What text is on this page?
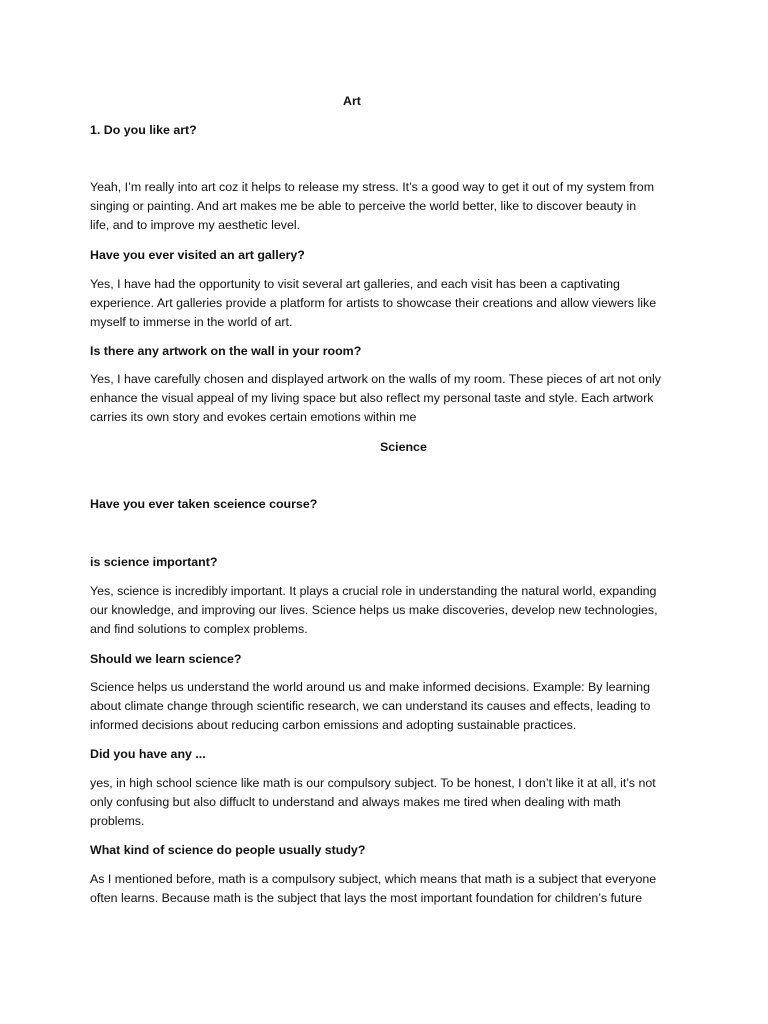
Art

1. Do you like art?

Yeah, I’m really into art coz it helps to release my stress. It’s a good way to get it out of my system from
singing or painting. And art makes me be able to perceive the world better, like to discover beauty in
life, and to improve my aesthetic level.

Have you ever visited an art gallery?

Yes, I have had the opportunity to visit several art galleries, and each visit has been a captivating
experience. Art galleries provide a platform for artists to showcase their creations and allow viewers like
myself to immerse in the world of art.

Is there any artwork on the wall in your room?

Yes, I have carefully chosen and displayed artwork on the walls of my room. These pieces of art not only
enhance the visual appeal of my living space but also reflect my personal taste and style. Each artwork
carries its own story and evokes certain emotions within me

Science

Have you ever taken sceience course?

is science important?

Yes, science is incredibly important. It plays a crucial role in understanding the natural world, expanding
our knowledge, and improving our lives. Science helps us make discoveries, develop new technologies,
and find solutions to complex problems.

Should we learn science?

Science helps us understand the world around us and make informed decisions. Example: By learning
about climate change through scientific research, we can understand its causes and effects, leading to
informed decisions about reducing carbon emissions and adopting sustainable practices.

Did you have any ...

yes, in high school science like math is our compulsory subject. To be honest, I don’t like it at all, it’s not
only confusing but also diffuclt to understand and always makes me tired when dealing with math
problems.

What kind of science do people usually study?

As I mentioned before, math is a compulsory subject, which means that math is a subject that everyone
often learns. Because math is the subject that lays the most important foundation for children’s future
